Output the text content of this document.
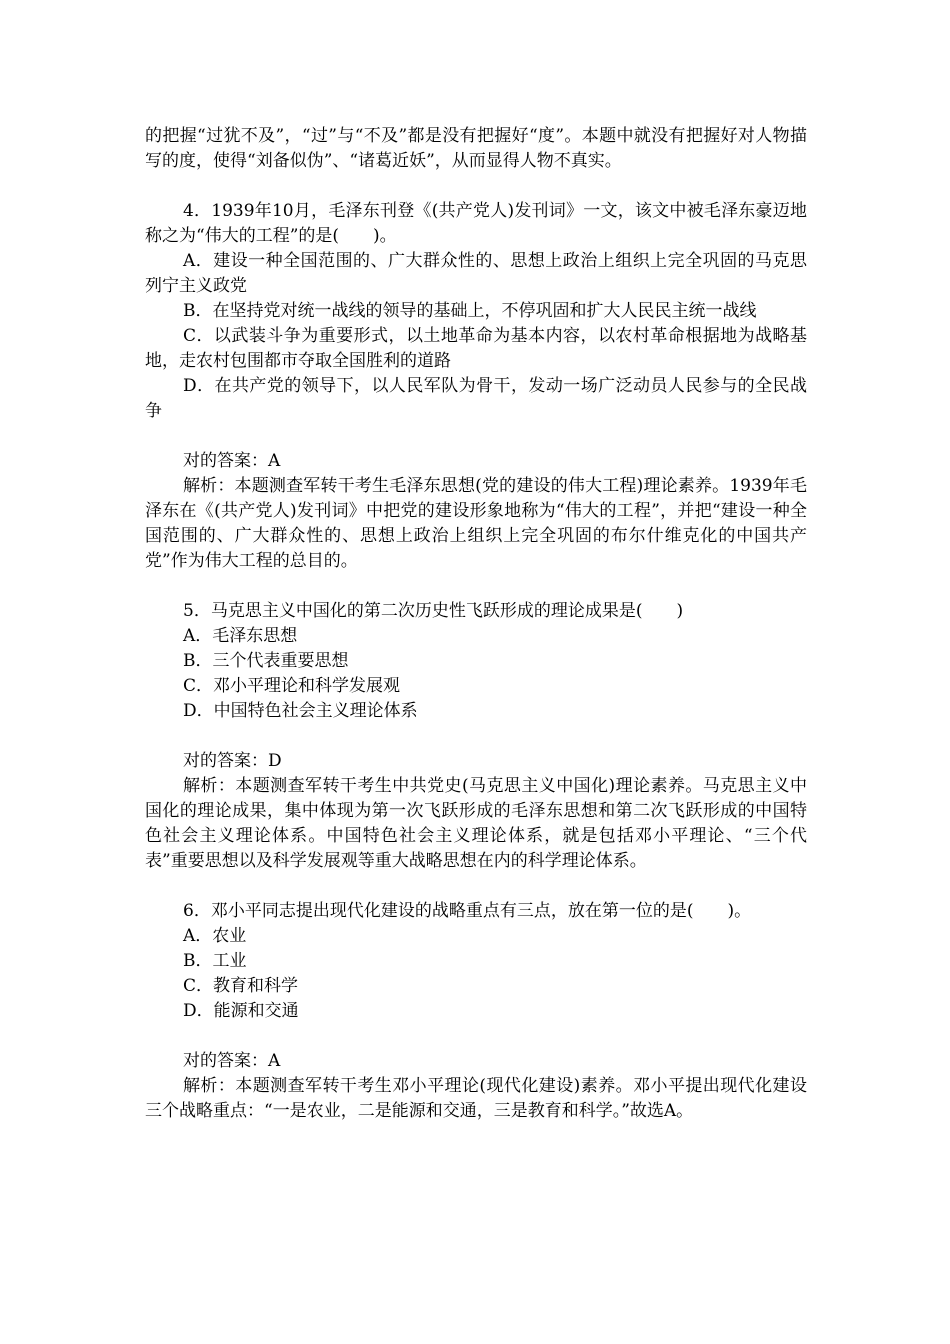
的把握“过犹不及”，“过”与“不及”都是没有把握好“度”。本题中就没有把握好对人物描写的度，使得“刘备似伪”、“诸葛近妖”，从而显得人物不真实。

4．1939年10月，毛泽东刊登《(共产党人)发刊词》一文，该文中被毛泽东豪迈地称之为“伟大的工程”的是(　　)。

A．建设一种全国范围的、广大群众性的、思想上政治上组织上完全巩固的马克思列宁主义政党

B．在坚持党对统一战线的领导的基础上，不停巩固和扩大人民民主统一战线

C．以武装斗争为重要形式，以土地革命为基本内容，以农村革命根据地为战略基地，走农村包围都市夺取全国胜利的道路

D．在共产党的领导下，以人民军队为骨干，发动一场广泛动员人民参与的全民战争

对的答案：A

解析：本题测查军转干考生毛泽东思想(党的建设的伟大工程)理论素养。1939年毛泽东在《(共产党人)发刊词》中把党的建设形象地称为“伟大的工程”，并把“建设一种全国范围的、广大群众性的、思想上政治上组织上完全巩固的布尔什维克化的中国共产党”作为伟大工程的总目的。

5．马克思主义中国化的第二次历史性飞跃形成的理论成果是(　　)

A．毛泽东思想

B．三个代表重要思想

C．邓小平理论和科学发展观

D．中国特色社会主义理论体系

对的答案：D

解析：本题测查军转干考生中共党史(马克思主义中国化)理论素养。马克思主义中国化的理论成果，集中体现为第一次飞跃形成的毛泽东思想和第二次飞跃形成的中国特色社会主义理论体系。中国特色社会主义理论体系，就是包括邓小平理论、“三个代表”重要思想以及科学发展观等重大战略思想在内的科学理论体系。

6．邓小平同志提出现代化建设的战略重点有三点，放在第一位的是(　　)。

A．农业

B．工业

C．教育和科学

D．能源和交通

对的答案：A

解析：本题测查军转干考生邓小平理论(现代化建设)素养。邓小平提出现代化建设三个战略重点：“一是农业，二是能源和交通，三是教育和科学。”故选A。
